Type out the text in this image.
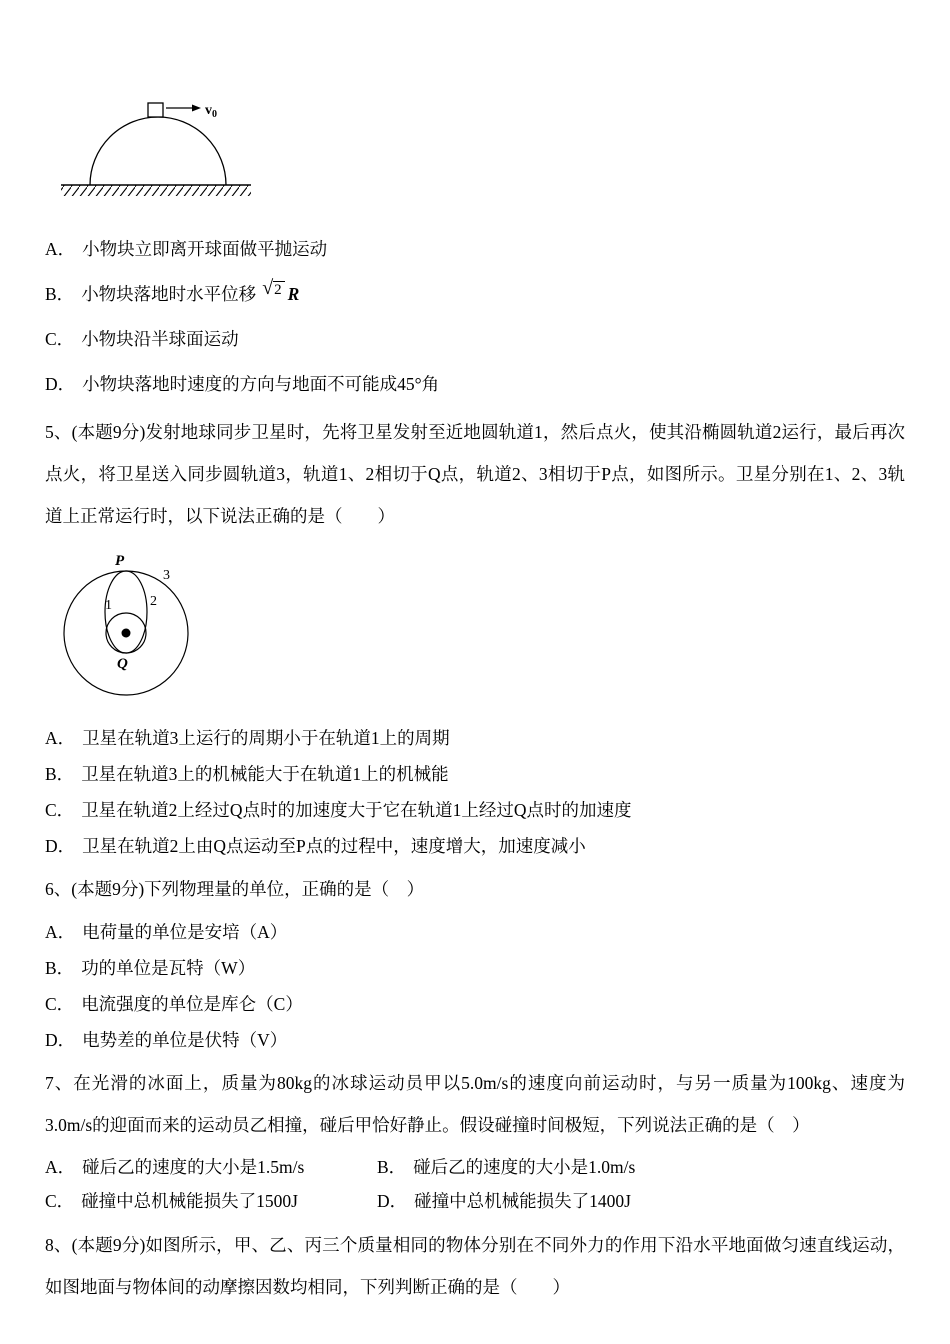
$v_0$
A． 小物块立即离开球面做平抛运动
B． 小物块落地时水平位移 √2 R
C． 小物块沿半球面运动
D． 小物块落地时速度的方向与地面不可能成45°角

5、(本题9分)发射地球同步卫星时，先将卫星发射至近地圆轨道1，然后点火，使其沿椭圆轨道2运行，最后再次点火，将卫星送入同步圆轨道3，轨道1、2相切于Q点，轨道2、3相切于P点，如图所示。卫星分别在1、2、3轨道上正常运行时，以下说法正确的是（　　）

P
Q
1	2
3
A． 卫星在轨道3上运行的周期小于在轨道1上的周期
B． 卫星在轨道3上的机械能大于在轨道1上的机械能
C． 卫星在轨道2上经过Q点时的加速度大于它在轨道1上经过Q点时的加速度
D． 卫星在轨道2上由Q点运动至P点的过程中，速度增大，加速度减小

6、(本题9分)下列物理量的单位，正确的是（　）

A． 电荷量的单位是安培（A）
B． 功的单位是瓦特（W）
C． 电流强度的单位是库仑（C）
D． 电势差的单位是伏特（V）

7、在光滑的冰面上，质量为80kg的冰球运动员甲以5.0m/s的速度向前运动时，与另一质量为100kg、速度为3.0m/s的迎面而来的运动员乙相撞，碰后甲恰好静止。假设碰撞时间极短，下列说法正确的是（　）

A． 碰后乙的速度的大小是1.5m/s	B． 碰后乙的速度的大小是1.0m/s
C． 碰撞中总机械能损失了1500J	D． 碰撞中总机械能损失了1400J

8、(本题9分)如图所示，甲、乙、丙三个质量相同的物体分别在不同外力的作用下沿水平地面做匀速直线运动，如图地面与物体间的动摩擦因数均相同，下列判断正确的是（　　）
